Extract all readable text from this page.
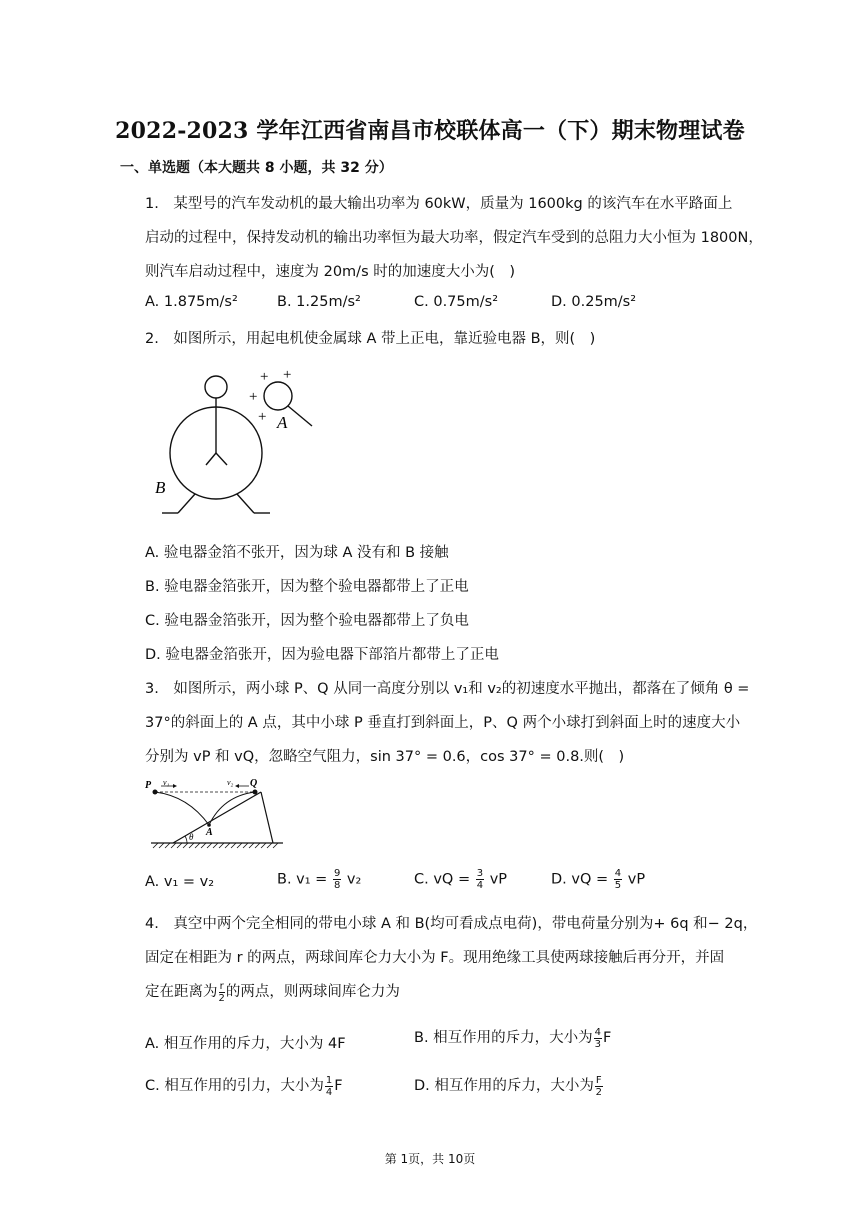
2022-2023 学年江西省南昌市校联体高一（下）期末物理试卷
一、单选题（本大题共 8 小题，共 32 分）
1.　某型号的汽车发动机的最大输出功率为 60kW，质量为 1600kg 的该汽车在水平路面上
启动的过程中，保持发动机的输出功率恒为最大功率，假定汽车受到的总阻力大小恒为 1800N，
则汽车启动过程中，速度为 20m/s 时的加速度大小为(　)
A. 1.875m/s²	B. 1.25m/s²	C. 0.75m/s²	D. 0.25m/s²
2.　如图所示，用起电机使金属球 A 带上正电，靠近验电器 B，则(　)
+ +
+
+ A
B
A. 验电器金箔不张开，因为球 A 没有和 B 接触
B. 验电器金箔张开，因为整个验电器都带上了正电
C. 验电器金箔张开，因为整个验电器都带上了负电
D. 验电器金箔张开，因为验电器下部箔片都带上了正电
3.　如图所示，两小球 P、Q 从同一高度分别以 v₁和 v₂的初速度水平抛出，都落在了倾角 θ =
37°的斜面上的 A 点，其中小球 P 垂直打到斜面上，P、Q 两个小球打到斜面上时的速度大小
分别为 vP 和 vQ，忽略空气阻力，sin 37° = 0.6，cos 37° = 0.8.则(　)
P	Q
v₁	v₂
A
θ
A. v₁ = v₂	B. $v_1 = \frac{9}{8} v_2$	C. vQ = $\frac{3}{4}$ vP	D. vQ = $\frac{4}{5}$ vP
4.　真空中两个完全相同的带电小球 A 和 B(均可看成点电荷)，带电荷量分别为+ 6q 和− 2q，
固定在相距为 r 的两点，两球间库仑力大小为 F。现用绝缘工具使两球接触后再分开，并固
定在距离为 $\frac{r}{2}$ 的两点，则两球间库仑力为
A. 相互作用的斥力，大小为 4F	B. 相互作用的斥力，大小为 $\frac{4}{3}$ F
C. 相互作用的引力，大小为 $\frac{1}{4}$ F	D. 相互作用的斥力，大小为 $\frac{F}{2}$
第 1页，共 10页
